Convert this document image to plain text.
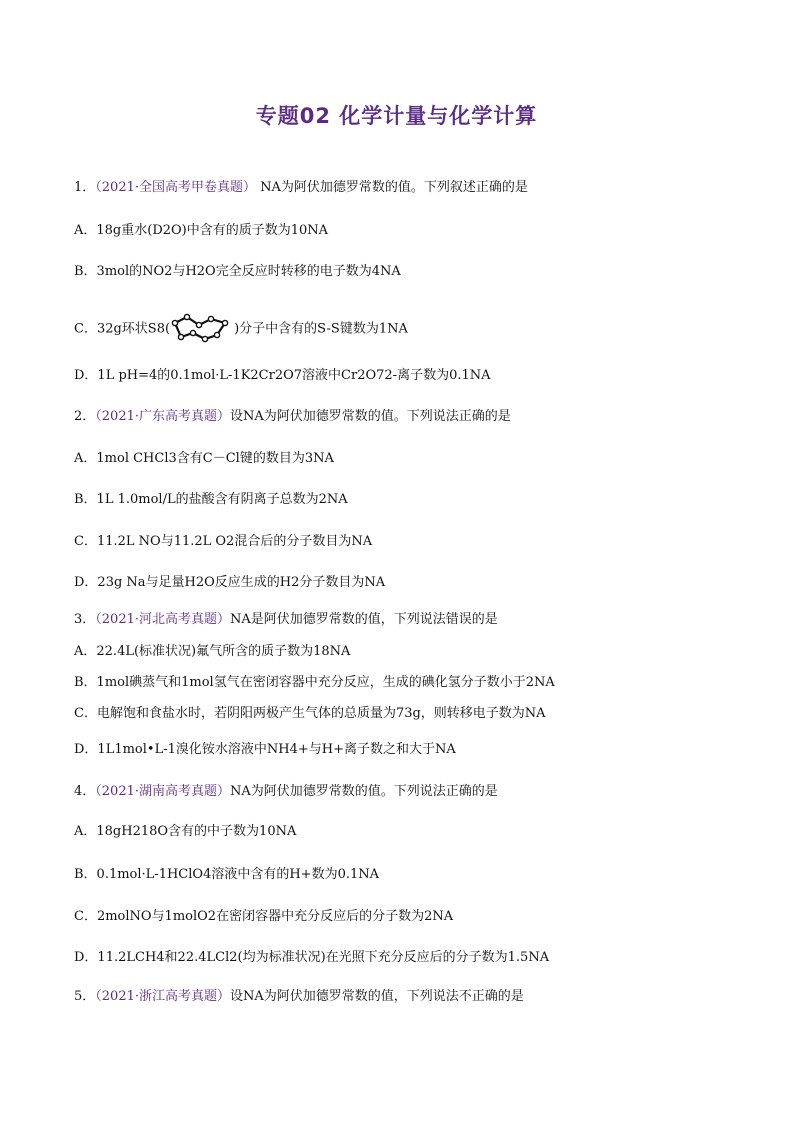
专题02 化学计量与化学计算
1．（2021·全国高考甲卷真题） NA为阿伏加德罗常数的值。下列叙述正确的是
A．18g重水(D2O)中含有的质子数为10NA
B．3mol的NO2与H2O完全反应时转移的电子数为4NA
C．32g环状S8(	)分子中含有的S-S键数为1NA
D．1L pH=4的0.1mol·L-1K2Cr2O7溶液中Cr2O72-离子数为0.1NA
2．（2021·广东高考真题）设NA为阿伏加德罗常数的值。下列说法正确的是
A．1mol CHCl3含有C－Cl键的数目为3NA
B．1L 1.0mol/L的盐酸含有阴离子总数为2NA
C．11.2L NO与11.2L O2混合后的分子数目为NA
D．23g Na与足量H2O反应生成的H2分子数目为NA
3．（2021·河北高考真题）NA是阿伏加德罗常数的值，下列说法错误的是
A．22.4L(标准状况)氟气所含的质子数为18NA
B．1mol碘蒸气和1mol氢气在密闭容器中充分反应，生成的碘化氢分子数小于2NA
C．电解饱和食盐水时，若阴阳两极产生气体的总质量为73g，则转移电子数为NA
D．1L1mol•L-1溴化铵水溶液中NH4+与H+离子数之和大于NA
4．（2021·湖南高考真题）NA为阿伏加德罗常数的值。下列说法正确的是
A．18gH218O含有的中子数为10NA
B．0.1mol·L-1HClO4溶液中含有的H+数为0.1NA
C．2molNO与1molO2在密闭容器中充分反应后的分子数为2NA
D．11.2LCH4和22.4LCl2(均为标准状况)在光照下充分反应后的分子数为1.5NA
5．（2021·浙江高考真题）设NA为阿伏加德罗常数的值，下列说法不正确的是
